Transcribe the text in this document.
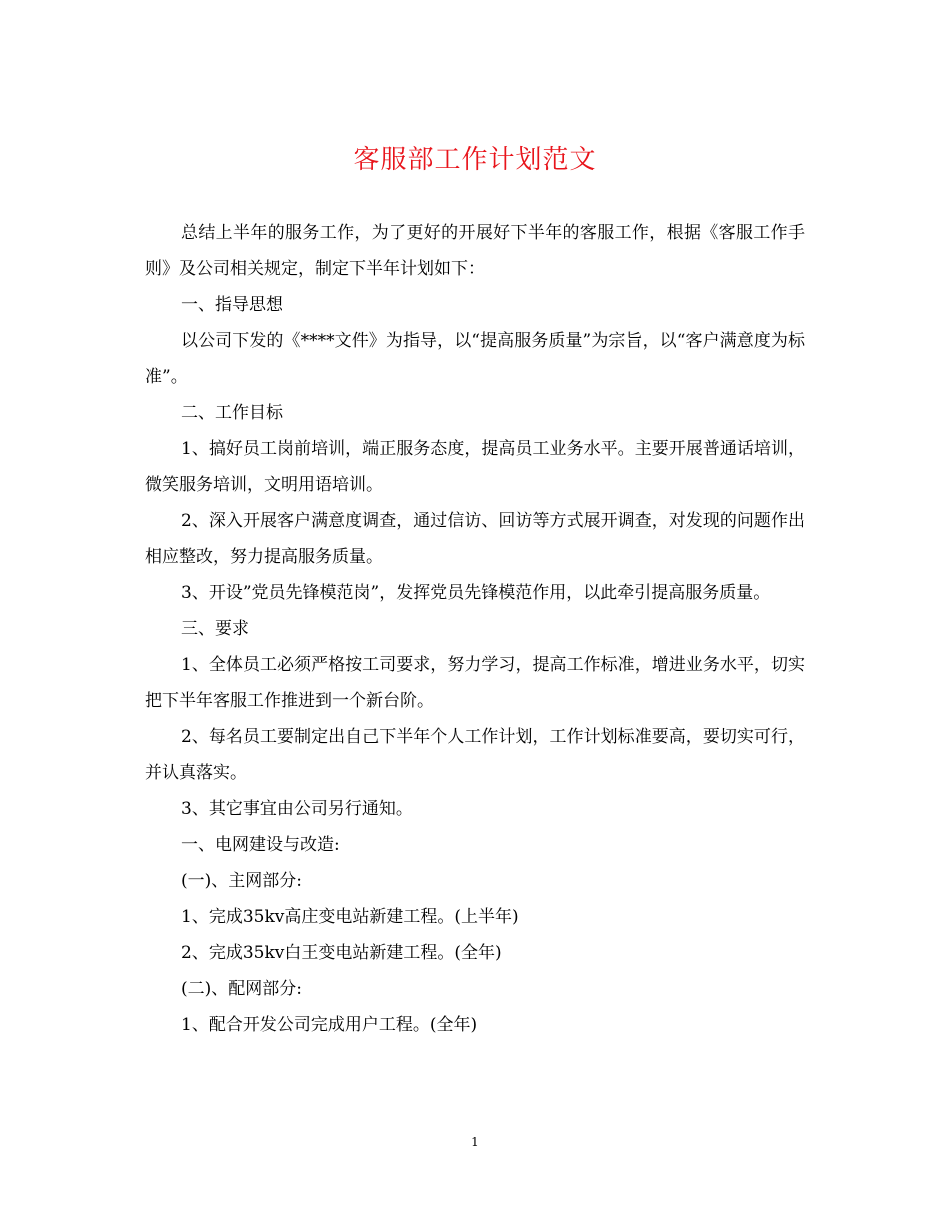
客服部工作计划范文

总结上半年的服务工作，为了更好的开展好下半年的客服工作，根据《客服工作手则》及公司相关规定，制定下半年计划如下：

一、指导思想

以公司下发的《****文件》为指导，以“提高服务质量”为宗旨，以“客户满意度为标准”。

二、工作目标

1、搞好员工岗前培训，端正服务态度，提高员工业务水平。主要开展普通话培训，微笑服务培训，文明用语培训。

2、深入开展客户满意度调查，通过信访、回访等方式展开调查，对发现的问题作出相应整改，努力提高服务质量。

3、开设”党员先锋模范岗”，发挥党员先锋模范作用，以此牵引提高服务质量。

三、要求

1、全体员工必须严格按工司要求，努力学习，提高工作标准，增进业务水平，切实把下半年客服工作推进到一个新台阶。

2、每名员工要制定出自己下半年个人工作计划，工作计划标准要高，要切实可行，并认真落实。

3、其它事宜由公司另行通知。

一、电网建设与改造:

(一)、主网部分:

1、完成35kv高庄变电站新建工程。(上半年)

2、完成35kv白王变电站新建工程。(全年)

(二)、配网部分:

1、配合开发公司完成用户工程。(全年)

1
